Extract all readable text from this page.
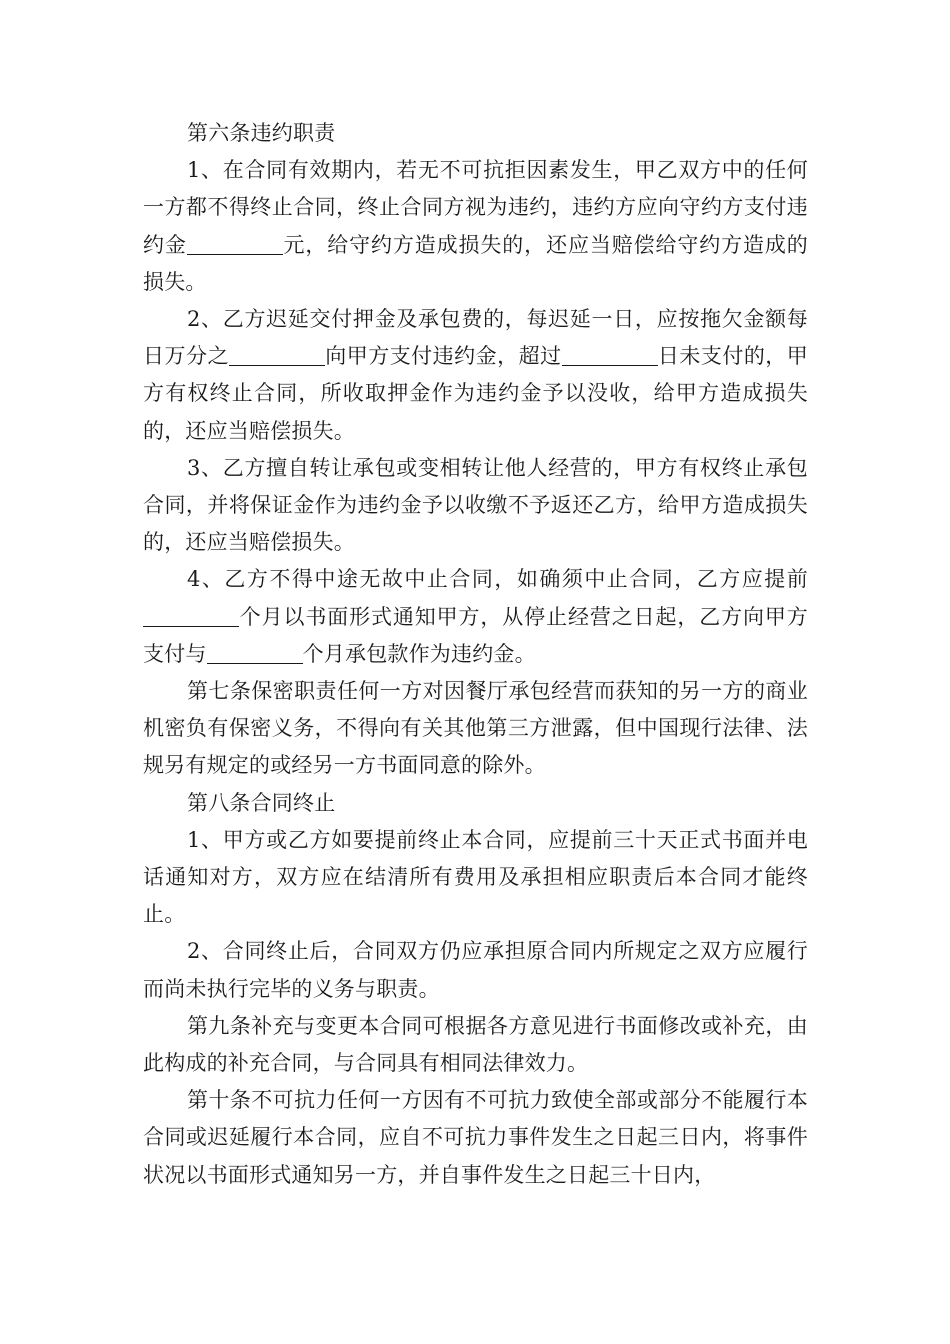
第六条违约职责

1、在合同有效期内，若无不可抗拒因素发生，甲乙双方中的任何一方都不得终止合同，终止合同方视为违约，违约方应向守约方支付违约金	元，给守约方造成损失的，还应当赔偿给守约方造成的损失。

2、乙方迟延交付押金及承包费的，每迟延一日，应按拖欠金额每日万分之	向甲方支付违约金，超过	日未支付的，甲方有权终止合同，所收取押金作为违约金予以没收，给甲方造成损失的，还应当赔偿损失。

3、乙方擅自转让承包或变相转让他人经营的，甲方有权终止承包合同，并将保证金作为违约金予以收缴不予返还乙方，给甲方造成损失的，还应当赔偿损失。

4、乙方不得中途无故中止合同，如确须中止合同，乙方应提前个月以书面形式通知甲方，从停止经营之日起，乙方向甲方支付与	个月承包款作为违约金。

第七条保密职责任何一方对因餐厅承包经营而获知的另一方的商业机密负有保密义务，不得向有关其他第三方泄露，但中国现行法律、法规另有规定的或经另一方书面同意的除外。

第八条合同终止

1、甲方或乙方如要提前终止本合同，应提前三十天正式书面并电话通知对方，双方应在结清所有费用及承担相应职责后本合同才能终止。

2、合同终止后，合同双方仍应承担原合同内所规定之双方应履行而尚未执行完毕的义务与职责。

第九条补充与变更本合同可根据各方意见进行书面修改或补充，由此构成的补充合同，与合同具有相同法律效力。

第十条不可抗力任何一方因有不可抗力致使全部或部分不能履行本合同或迟延履行本合同，应自不可抗力事件发生之日起三日内，将事件状况以书面形式通知另一方，并自事件发生之日起三十日内，
